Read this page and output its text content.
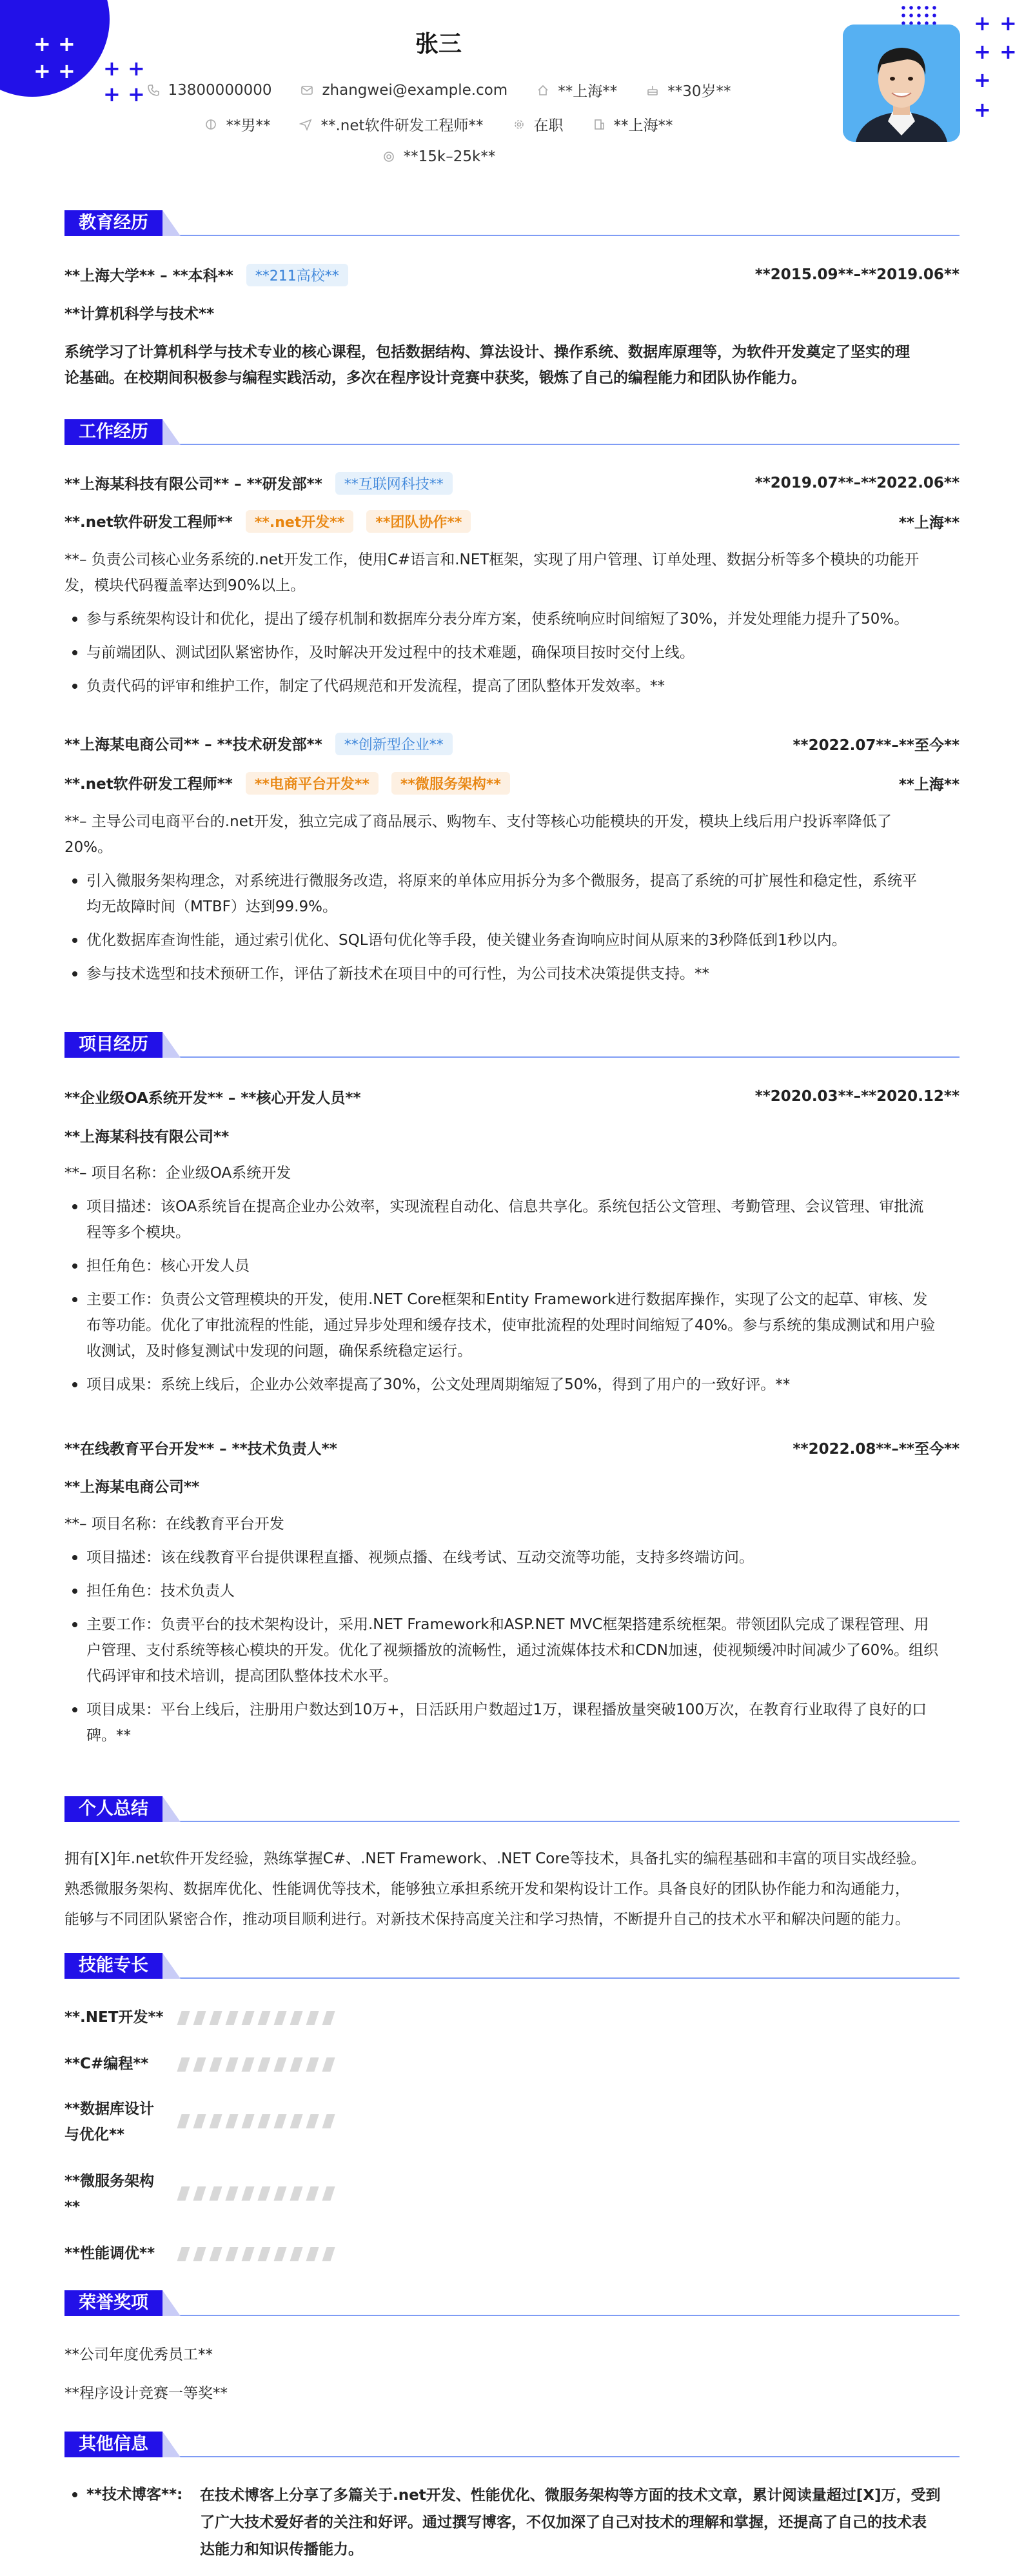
+ +
+ + + +
+ +
+ +
+ +
+
+
张三
13800000000	zhangwei@example.com	**上海**	**30岁**
**男**	**.net软件研发工程师**	在职	**上海**
**15k–25k**
教育经历
**上海大学** – **本科** **211高校**	**2015.09**–**2019.06**
**计算机科学与技术**
系统学习了计算机科学与技术专业的核心课程，包括数据结构、算法设计、操作系统、数据库原理等，为软件开发奠定了坚实的理
论基础。在校期间积极参与编程实践活动，多次在程序设计竞赛中获奖，锻炼了自己的编程能力和团队协作能力。
工作经历
**上海某科技有限公司** – **研发部** **互联网科技**	**2019.07**–**2022.06**
**.net软件研发工程师** **.net开发** **团队协作**	**上海**
**– 负责公司核心业务系统的.net开发工作，使用C#语言和.NET框架，实现了用户管理、订单处理、数据分析等多个模块的功能开
发，模块代码覆盖率达到90%以上。
参与系统架构设计和优化，提出了缓存机制和数据库分表分库方案，使系统响应时间缩短了30%，并发处理能力提升了50%。
与前端团队、测试团队紧密协作，及时解决开发过程中的技术难题，确保项目按时交付上线。
负责代码的评审和维护工作，制定了代码规范和开发流程，提高了团队整体开发效率。**
**上海某电商公司** – **技术研发部** **创新型企业**	**2022.07**–**至今**
**.net软件研发工程师** **电商平台开发** **微服务架构**	**上海**
**– 主导公司电商平台的.net开发，独立完成了商品展示、购物车、支付等核心功能模块的开发，模块上线后用户投诉率降低了
20%。
引入微服务架构理念，对系统进行微服务改造，将原来的单体应用拆分为多个微服务，提高了系统的可扩展性和稳定性，系统平
均无故障时间（MTBF）达到99.9%。
优化数据库查询性能，通过索引优化、SQL语句优化等手段，使关键业务查询响应时间从原来的3秒降低到1秒以内。
参与技术选型和技术预研工作，评估了新技术在项目中的可行性，为公司技术决策提供支持。**
项目经历
**企业级OA系统开发** – **核心开发人员**	**2020.03**–**2020.12**
**上海某科技有限公司**
**– 项目名称：企业级OA系统开发
项目描述：该OA系统旨在提高企业办公效率，实现流程自动化、信息共享化。系统包括公文管理、考勤管理、会议管理、审批流
程等多个模块。
担任角色：核心开发人员
主要工作：负责公文管理模块的开发，使用.NET Core框架和Entity Framework进行数据库操作，实现了公文的起草、审核、发
布等功能。优化了审批流程的性能，通过异步处理和缓存技术，使审批流程的处理时间缩短了40%。参与系统的集成测试和用户验
收测试，及时修复测试中发现的问题，确保系统稳定运行。
项目成果：系统上线后，企业办公效率提高了30%，公文处理周期缩短了50%，得到了用户的一致好评。**
**在线教育平台开发** – **技术负责人**	**2022.08**–**至今**
**上海某电商公司**
**– 项目名称：在线教育平台开发
项目描述：该在线教育平台提供课程直播、视频点播、在线考试、互动交流等功能，支持多终端访问。
担任角色：技术负责人
主要工作：负责平台的技术架构设计，采用.NET Framework和ASP.NET MVC框架搭建系统框架。带领团队完成了课程管理、用
户管理、支付系统等核心模块的开发。优化了视频播放的流畅性，通过流媒体技术和CDN加速，使视频缓冲时间减少了60%。组织
代码评审和技术培训，提高团队整体技术水平。
项目成果：平台上线后，注册用户数达到10万+，日活跃用户数超过1万，课程播放量突破100万次，在教育行业取得了良好的口
碑。**
个人总结
拥有[X]年.net软件开发经验，熟练掌握C#、.NET Framework、.NET Core等技术，具备扎实的编程基础和丰富的项目实战经验。
熟悉微服务架构、数据库优化、性能调优等技术，能够独立承担系统开发和架构设计工作。具备良好的团队协作能力和沟通能力，
能够与不同团队紧密合作，推动项目顺利进行。对新技术保持高度关注和学习热情，不断提升自己的技术水平和解决问题的能力。
技能专长
**.NET开发**
**C#编程**
**数据库设计
与优化**
**微服务架构
**
**性能调优**
荣誉奖项
**公司年度优秀员工**
**程序设计竞赛一等奖**
其他信息
**技术博客**:	在技术博客上分享了多篇关于.net开发、性能优化、微服务架构等方面的技术文章，累计阅读量超过[X]万，受到
了广大技术爱好者的关注和好评。通过撰写博客，不仅加深了自己对技术的理解和掌握，还提高了自己的技术表
达能力和知识传播能力。
